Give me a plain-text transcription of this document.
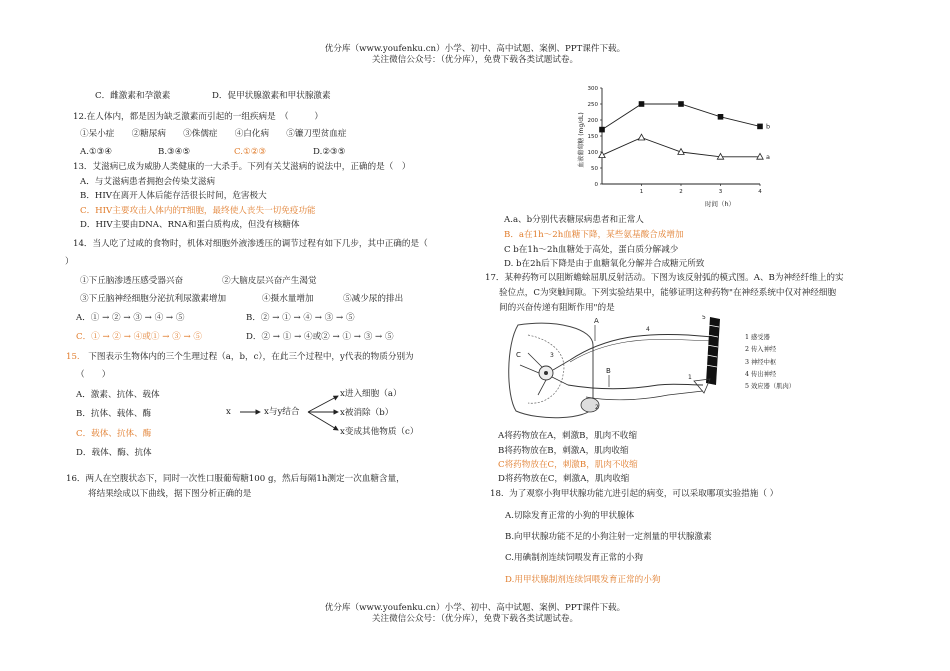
优分库（www.youfenku.cn）小学、初中、高中试题、案例、PPT课件下载。
关注微信公众号：（优分库），免费下载各类试题试卷。
C．雌激素和孕激素	D．促甲状腺激素和甲状腺激素
12.在人体内，都是因为缺乏激素而引起的一组疾病是　（　　　）
①呆小症　　②糖尿病　　③侏儒症　　④白化病　　⑤镰刀型贫血症
A.①③④	B.③④⑤	C.①②③	D.②③⑤
13．艾滋病已成为威胁人类健康的一大杀手。下列有关艾滋病的说法中，正确的是（　）
A．与艾滋病患者拥抱会传染艾滋病
B．HIV在离开人体后能存活很长时间，危害极大
C．HIV主要攻击人体内的T细胞，最终使人丧失一切免疫功能
D．HIV主要由DNA、RNA和蛋白质构成，但没有核糖体
14．当人吃了过咸的食物时，机体对细胞外液渗透压的调节过程有如下几步，其中正确的是（
）
①下丘脑渗透压感受器兴奋	②大脑皮层兴奋产生渴觉
③下丘脑神经细胞分泌抗利尿激素增加	④摄水量增加	⑤减少尿的排出
A．① → ② → ③ → ④ → ⑤	B．② → ① → ④ → ③ → ⑤
C．① → ② → ④或① → ③ → ⑤	D．② → ① → ④或② → ① → ③ → ⑤
15.　下图表示生物体内的三个生理过程（a，b，c），在此三个过程中，y代表的物质分别为
（　　）
A．激素、抗体、载体
B．抗体、载体、酶
C．载体、抗体、酶
D．载体、酶、抗体
x	x与y结合
x进入细胞（a）
x被消除（b）
x变成其他物质（c）
16．两人在空腹状态下，同时一次性口服葡萄糖100 g，然后每隔1h测定一次血糖含量，
将结果绘成以下曲线，据下图分析正确的是
0
50
100
150
200
250
300
1	2	3	4
b
a
血液葡萄糖 (mg/dL)
时间（h）
A.a、b分别代表糖尿病患者和正常人
B．a在1h～2h血糖下降，某些氨基酸合成增加
C b在1h～2h血糖处于高处，蛋白质分解减少
D. b在2h后下降是由于血糖氧化分解并合成糖元所致
17．某种药物可以阻断蟾蜍屈肌反射活动。下图为该反射弧的模式图。A、B为神经纤维上的实
验位点，C为突触间隙。下列实验结果中，能够证明这种药物"在神经系统中仅对神经细胞
间的兴奋传递有阻断作用"的是
A
B
C
2
3
4
5
1
1 感受器
2 传入神经
3 神经中枢
4 传出神经
5 效应器（肌肉）
A将药物放在A，刺激B，肌肉不收缩
B将药物放在B，刺激A，肌肉收缩
C将药物放在C，刺激B，肌肉不收缩
D将药物放在C，刺激A，肌肉收缩
18. 为了观察小狗甲状腺功能亢进引起的病变，可以采取哪项实验措施（ ）
A.切除发育正常的小狗的甲状腺体
B.向甲状腺功能不足的小狗注射一定剂量的甲状腺激素
C.用碘制剂连续饲喂发育正常的小狗
D.用甲状腺制剂连续饲喂发育正常的小狗
优分库（www.youfenku.cn）小学、初中、高中试题、案例、PPT课件下载。
关注微信公众号：（优分库），免费下载各类试题试卷。
